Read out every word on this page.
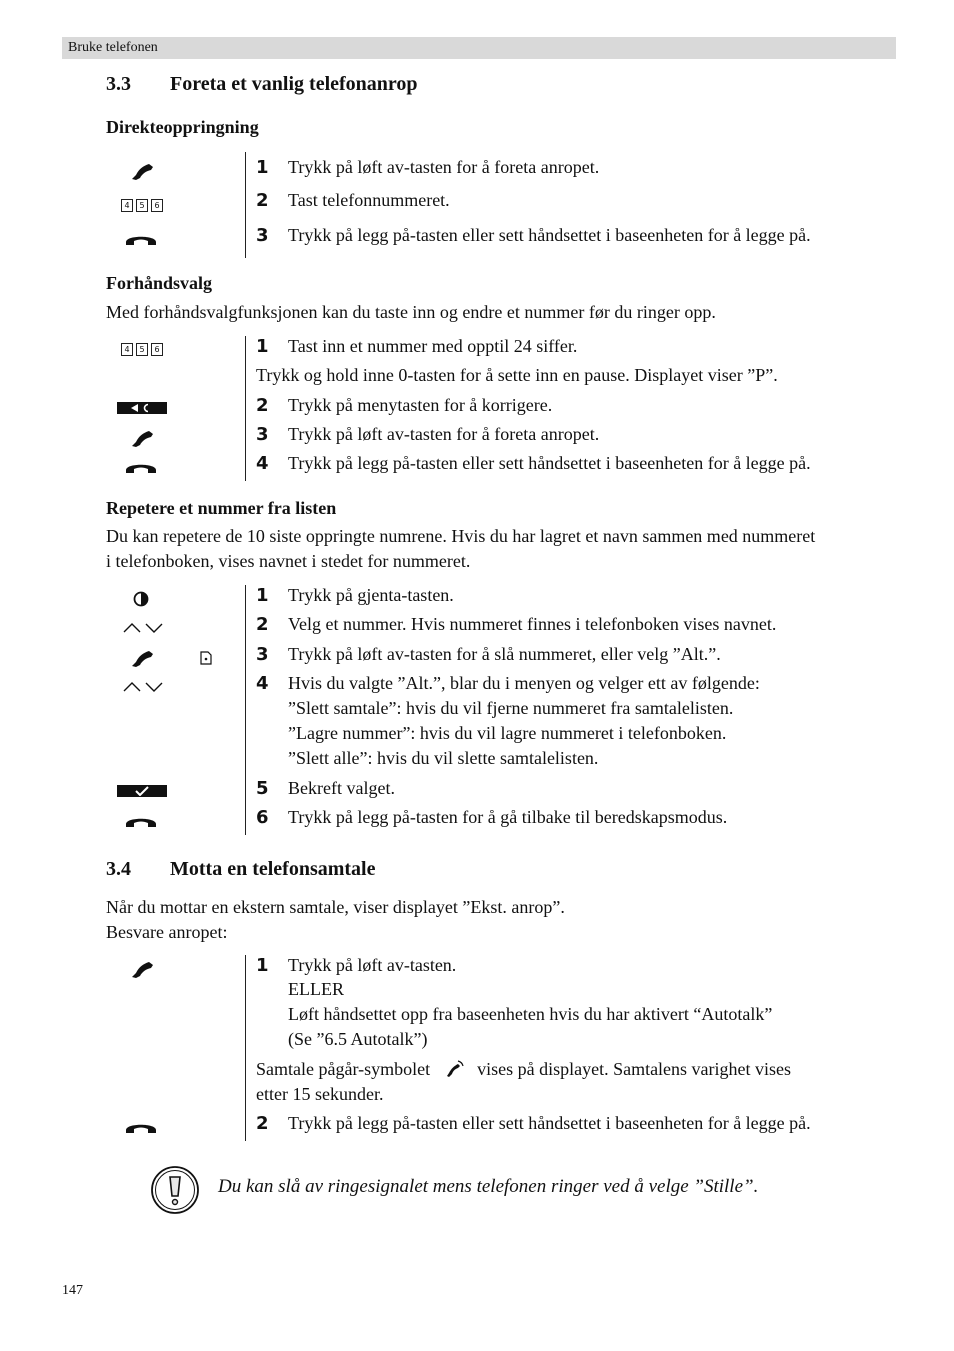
Bruke telefonen
3.3 Foreta et vanlig telefonanrop
Direkteoppringning
4	5	6
1 Trykk på løft av-tasten for å foreta anropet.
2 Tast telefonnummeret.
3 Trykk på legg på-tasten eller sett håndsettet i baseenheten for å legge på.
Forhåndsvalg
Med forhåndsvalgfunksjonen kan du taste inn og endre et nummer før du ringer opp.
4	5	6	1 Tast inn et nummer med opptil 24 siffer.
Trykk og hold inne 0-tasten for å sette inn en pause. Displayet viser ”P”.
2 Trykk på menytasten for å korrigere.
3 Trykk på løft av-tasten for å foreta anropet.
4 Trykk på legg på-tasten eller sett håndsettet i baseenheten for å legge på.
Repetere et nummer fra listen
Du kan repetere de 10 siste oppringte numrene. Hvis du har lagret et navn sammen med nummeret
i telefonboken, vises navnet i stedet for nummeret.
1 Trykk på gjenta-tasten.
2 Velg et nummer. Hvis nummeret finnes i telefonboken vises navnet.
3 Trykk på løft av-tasten for å slå nummeret, eller velg ”Alt.”.
4 Hvis du valgte ”Alt.”, blar du i menyen og velger ett av følgende:
”Slett samtale”: hvis du vil fjerne nummeret fra samtalelisten.
”Lagre nummer”: hvis du vil lagre nummeret i telefonboken.
”Slett alle”: hvis du vil slette samtalelisten.
5 Bekreft valget.
6 Trykk på legg på-tasten for å gå tilbake til beredskapsmodus.
3.4 Motta en telefonsamtale
Når du mottar en ekstern samtale, viser displayet ”Ekst. anrop”.
Besvare anropet:
1 Trykk på løft av-tasten.
ELLER
Løft håndsettet opp fra baseenheten hvis du har aktivert “Autotalk”
(Se ”6.5 Autotalk”)
Samtale pågår-symbolet	vises på displayet. Samtalens varighet vises
etter 15 sekunder.
2 Trykk på legg på-tasten eller sett håndsettet i baseenheten for å legge på.
Du kan slå av ringesignalet mens telefonen ringer ved å velge ”Stille”.
147
